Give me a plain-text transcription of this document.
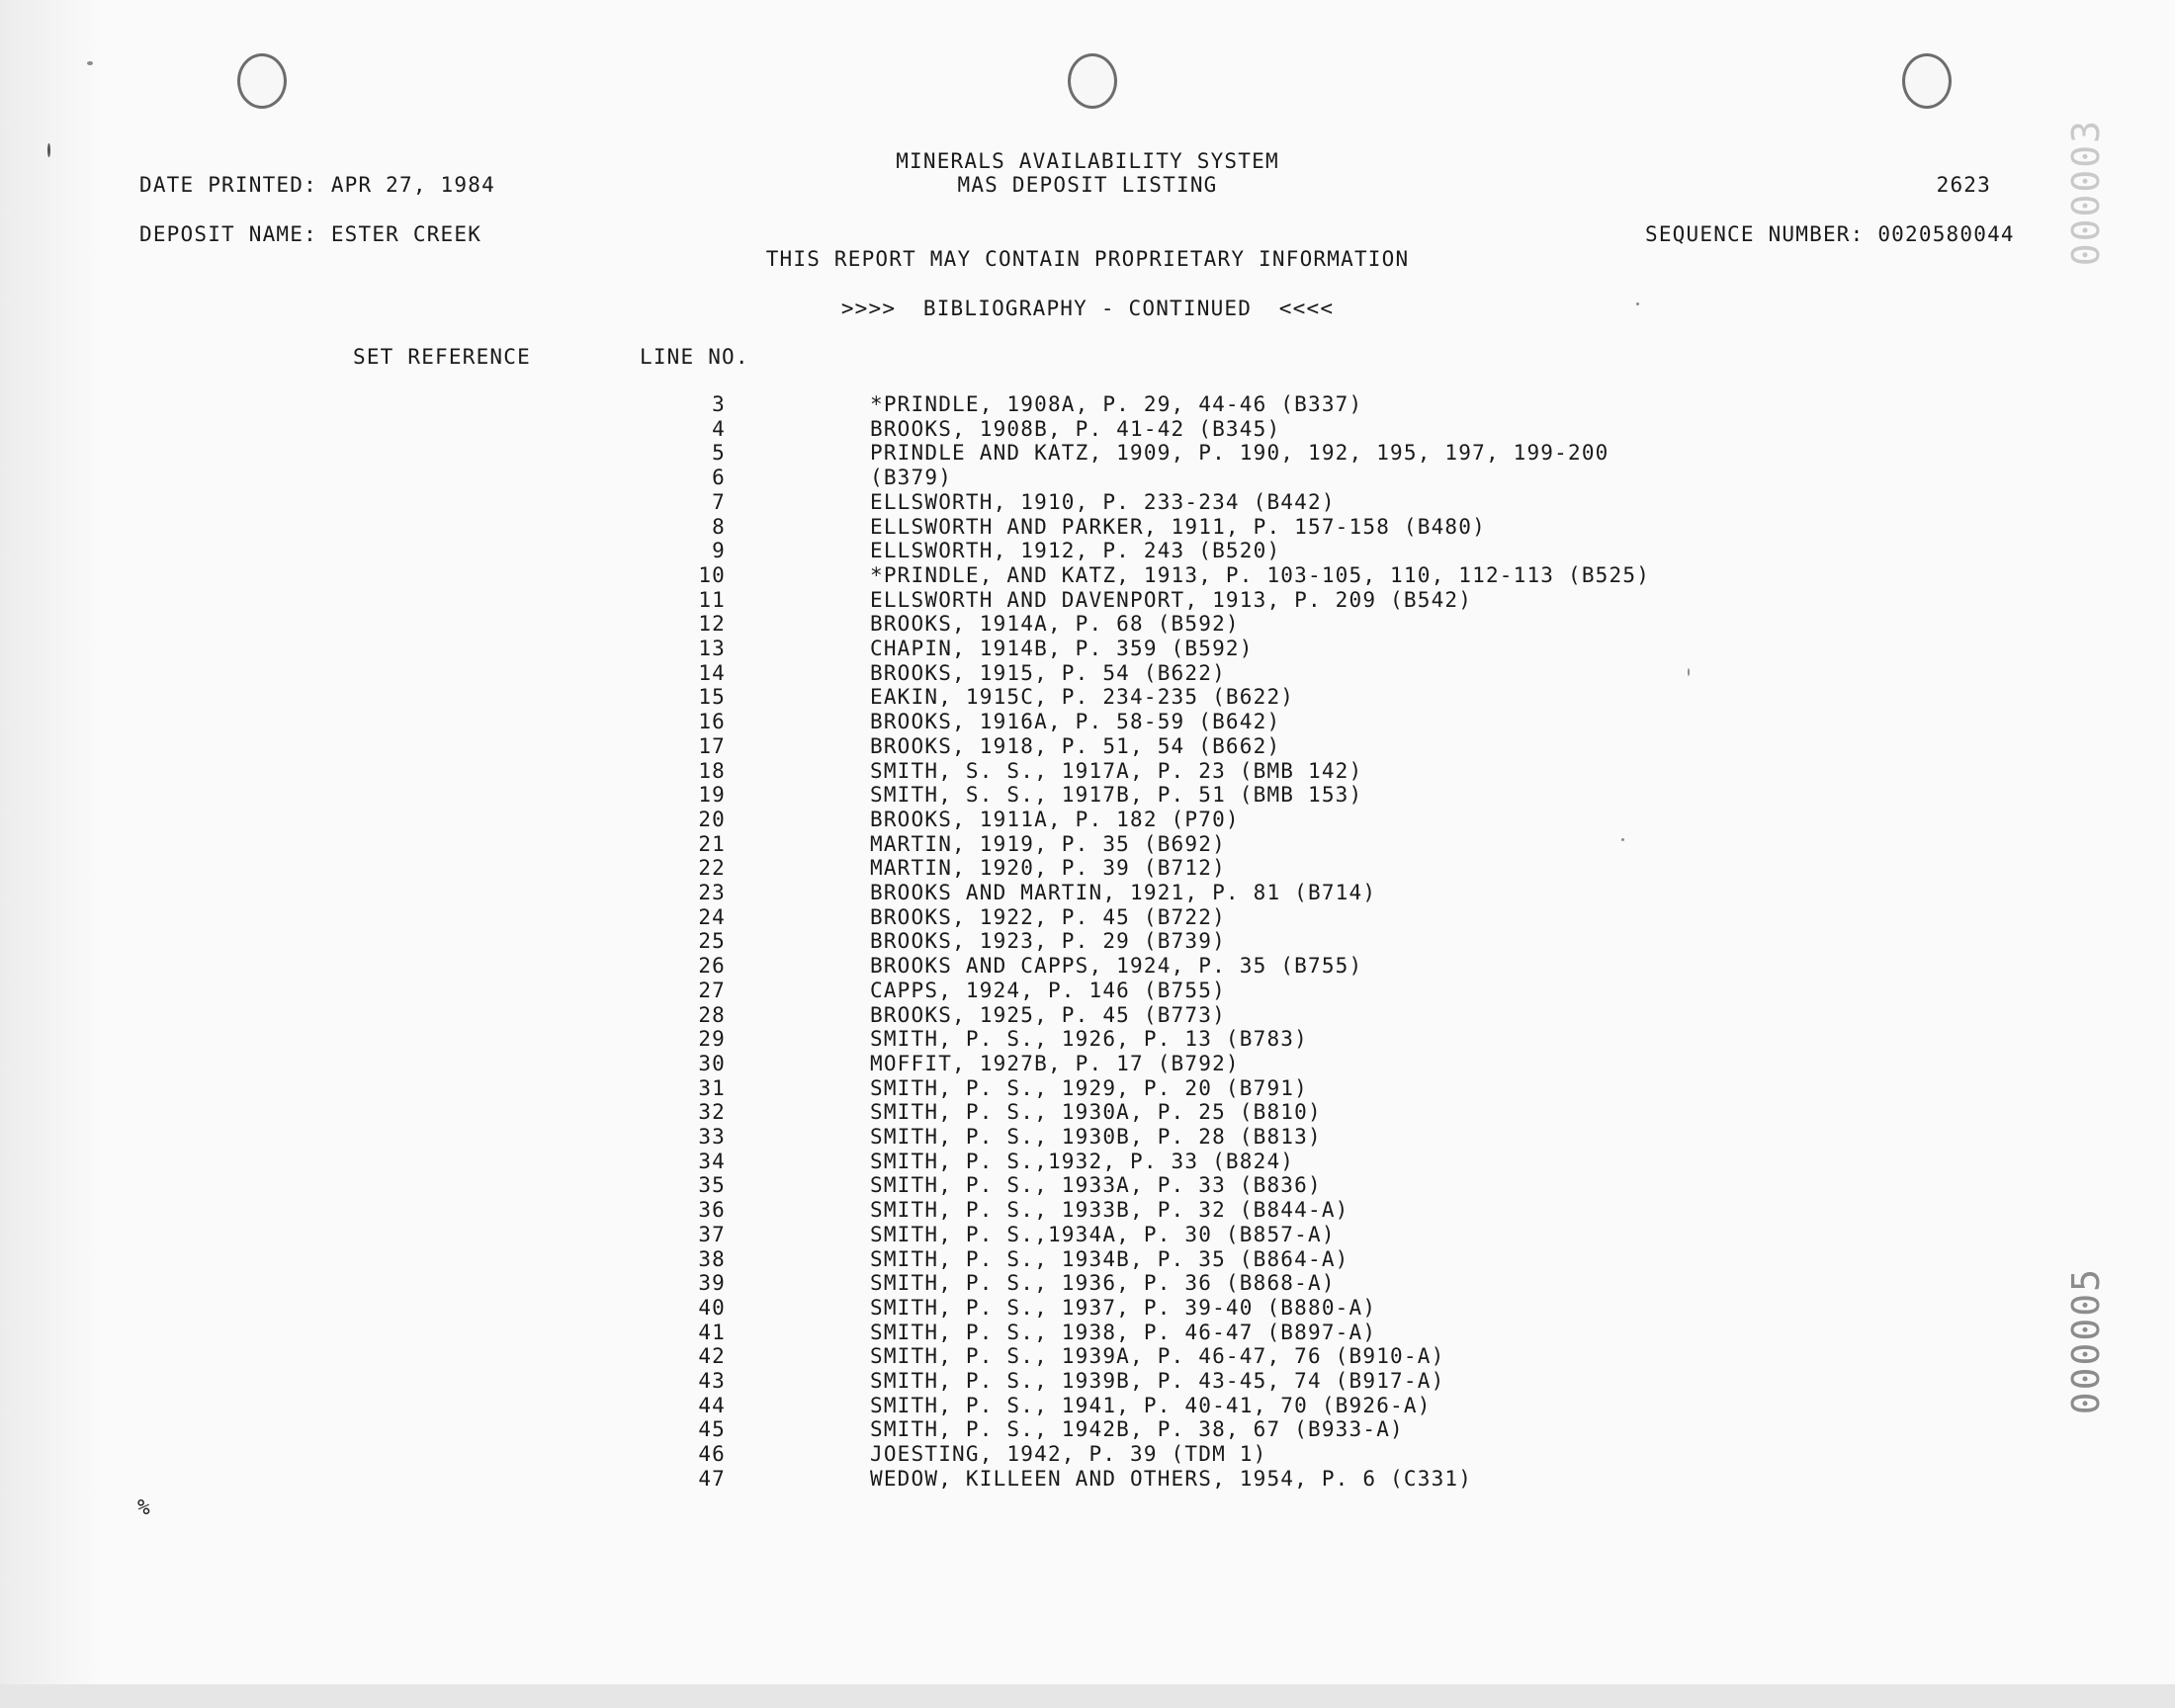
MINERALS AVAILABILITY SYSTEM
MAS DEPOSIT LISTING
DATE PRINTED: APR 27, 1984	2623
DEPOSIT NAME: ESTER CREEK	SEQUENCE NUMBER: 0020580044
THIS REPORT MAY CONTAIN PROPRIETARY INFORMATION
>>>>  BIBLIOGRAPHY - CONTINUED  <<<<
SET REFERENCE	LINE NO.
3	*PRINDLE, 1908A, P. 29, 44-46 (B337)
4	BROOKS, 1908B, P. 41-42 (B345)
5	PRINDLE AND KATZ, 1909, P. 190, 192, 195, 197, 199-200
6	(B379)
7	ELLSWORTH, 1910, P. 233-234 (B442)
8	ELLSWORTH AND PARKER, 1911, P. 157-158 (B480)
9	ELLSWORTH, 1912, P. 243 (B520)
10	*PRINDLE, AND KATZ, 1913, P. 103-105, 110, 112-113 (B525)
11	ELLSWORTH AND DAVENPORT, 1913, P. 209 (B542)
12	BROOKS, 1914A, P. 68 (B592)
13	CHAPIN, 1914B, P. 359 (B592)
14	BROOKS, 1915, P. 54 (B622)
15	EAKIN, 1915C, P. 234-235 (B622)
16	BROOKS, 1916A, P. 58-59 (B642)
17	BROOKS, 1918, P. 51, 54 (B662)
18	SMITH, S. S., 1917A, P. 23 (BMB 142)
19	SMITH, S. S., 1917B, P. 51 (BMB 153)
20	BROOKS, 1911A, P. 182 (P70)
21	MARTIN, 1919, P. 35 (B692)
22	MARTIN, 1920, P. 39 (B712)
23	BROOKS AND MARTIN, 1921, P. 81 (B714)
24	BROOKS, 1922, P. 45 (B722)
25	BROOKS, 1923, P. 29 (B739)
26	BROOKS AND CAPPS, 1924, P. 35 (B755)
27	CAPPS, 1924, P. 146 (B755)
28	BROOKS, 1925, P. 45 (B773)
29	SMITH, P. S., 1926, P. 13 (B783)
30	MOFFIT, 1927B, P. 17 (B792)
31	SMITH, P. S., 1929, P. 20 (B791)
32	SMITH, P. S., 1930A, P. 25 (B810)
33	SMITH, P. S., 1930B, P. 28 (B813)
34	SMITH, P. S.,1932, P. 33 (B824)
35	SMITH, P. S., 1933A, P. 33 (B836)
36	SMITH, P. S., 1933B, P. 32 (B844-A)
37	SMITH, P. S.,1934A, P. 30 (B857-A)
38	SMITH, P. S., 1934B, P. 35 (B864-A)
39	SMITH, P. S., 1936, P. 36 (B868-A)
40	SMITH, P. S., 1937, P. 39-40 (B880-A)
41	SMITH, P. S., 1938, P. 46-47 (B897-A)
42	SMITH, P. S., 1939A, P. 46-47, 76 (B910-A)
43	SMITH, P. S., 1939B, P. 43-45, 74 (B917-A)
44	SMITH, P. S., 1941, P. 40-41, 70 (B926-A)
45	SMITH, P. S., 1942B, P. 38, 67 (B933-A)
46	JOESTING, 1942, P. 39 (TDM 1)
47	WEDOW, KILLEEN AND OTHERS, 1954, P. 6 (C331)
%
000003
000005
